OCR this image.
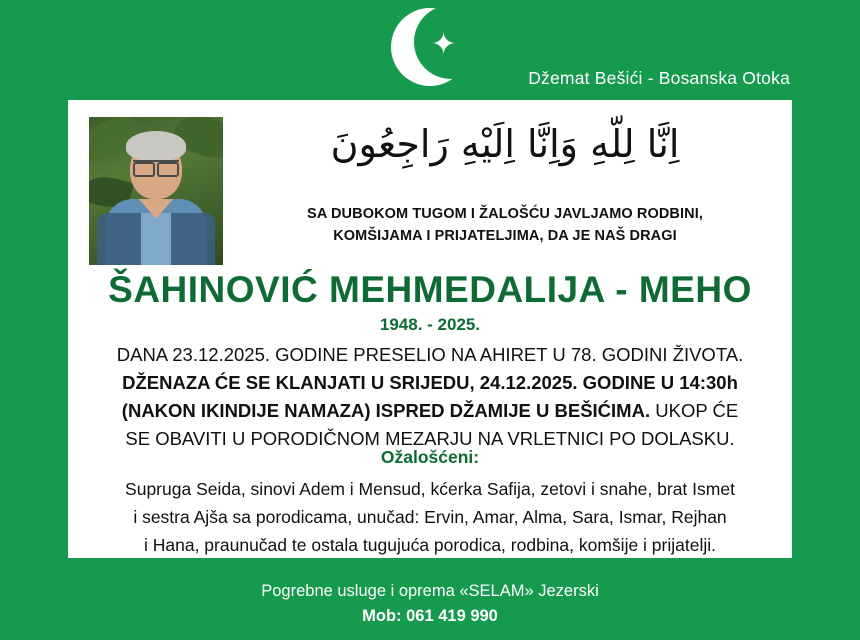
✦
Džemat Bešići - Bosanska Otoka
اِنَّا لِلّهِ وَاِنَّا اِلَيْهِ رَاجِعُونَ
SA DUBOKOM TUGOM I ŽALOŠĆU JAVLJAMO RODBINI,
KOMŠIJAMA I PRIJATELJIMA, DA JE NAŠ DRAGI
ŠAHINOVIĆ MEHMEDALIJA - MEHO
1948. - 2025.
DANA 23.12.2025. GODINE PRESELIO NA AHIRET U 78. GODINI ŽIVOTA.
DŽENAZA ĆE SE KLANJATI U SRIJEDU, 24.12.2025. GODINE U 14:30h
(NAKON IKINDIJE NAMAZA) ISPRED DŽAMIJE U BEŠIĆIMA. UKOP ĆE
SE OBAVITI U PORODIČNOM MEZARJU NA VRLETNICI PO DOLASKU.
Ožalošćeni:
Supruga Seida, sinovi Adem i Mensud, kćerka Safija, zetovi i snahe, brat Ismet
i sestra Ajša sa porodicama, unučad: Ervin, Amar, Alma, Sara, Ismar, Rejhan
i Hana, praunučad te ostala tugujuća porodica, rodbina, komšije i prijatelji.
Pogrebne usluge i oprema «SELAM» Jezerski
Mob: 061 419 990
